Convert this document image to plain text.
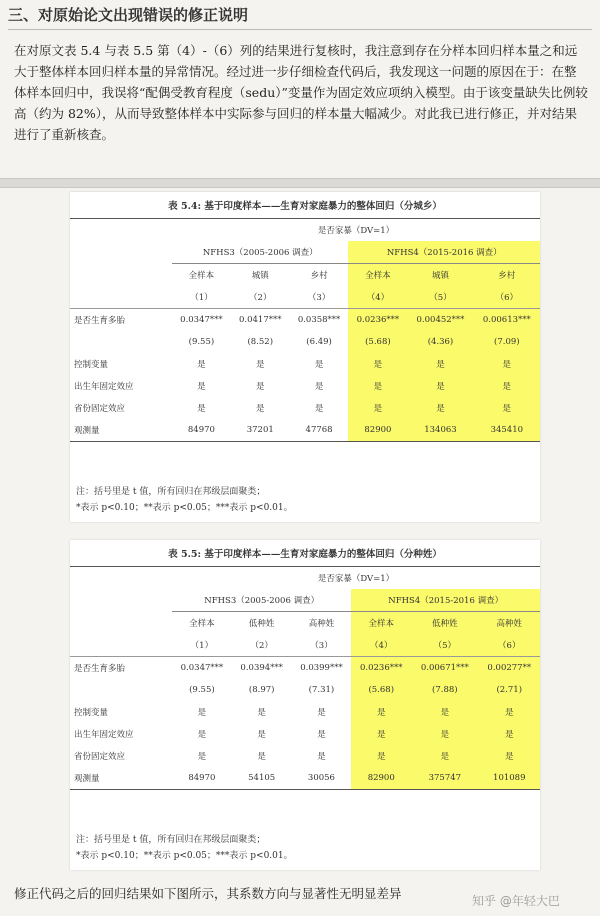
三、对原始论文出现错误的修正说明
在对原文表 5.4 与表 5.5 第（4）-（6）列的结果进行复核时，我注意到存在分样本回归样本量之和远大于整体样本回归样本量的异常情况。经过进一步仔细检查代码后，我发现这一问题的原因在于：在整体样本回归中，我误将“配偶受教育程度（sedu）”变量作为固定效应项纳入模型。由于该变量缺失比例较高（约为 82%），从而导致整体样本中实际参与回归的样本量大幅减少。对此我已进行修正，并对结果进行了重新核查。
表 5.4: 基于印度样本——生育对家庭暴力的整体回归（分城乡）
	是否家暴（DV=1）					
	NFHS3（2005-2006 调查）			NFHS4（2015-2016 调查）		
	全样本	城镇	乡村	全样本	城镇	乡村
	（1）	（2）	（3）	（4）	（5）	（6）
是否生育多胎	0.0347***	0.0417***	0.0358***	0.0236***	0.00452***	0.00613***
	(9.55)	(8.52)	(6.49)	(5.68)	(4.36)	(7.09)
控制变量	是	是	是	是	是	是
出生年固定效应	是	是	是	是	是	是
省份固定效应	是	是	是	是	是	是
观测量	84970	37201	47768	82900	134063	345410
注：括号里是 t 值，所有回归在邦级层面聚类；
*表示 p<0.10；**表示 p<0.05；***表示 p<0.01。
表 5.5: 基于印度样本——生育对家庭暴力的整体回归（分种姓）
	是否家暴（DV=1）					
	NFHS3（2005-2006 调查）			NFHS4（2015-2016 调查）		
	全样本	低种姓	高种姓	全样本	低种姓	高种姓
	（1）	（2）	（3）	（4）	（5）	（6）
是否生育多胎	0.0347***	0.0394***	0.0399***	0.0236***	0.00671***	0.00277**
	(9.55)	(8.97)	(7.31)	(5.68)	(7.88)	(2.71)
控制变量	是	是	是	是	是	是
出生年固定效应	是	是	是	是	是	是
省份固定效应	是	是	是	是	是	是
观测量	84970	54105	30056	82900	375747	101089
注：括号里是 t 值，所有回归在邦级层面聚类；
*表示 p<0.10；**表示 p<0.05；***表示 p<0.01。
修正代码之后的回归结果如下图所示，其系数方向与显著性无明显差异	知乎 @年轻大巴
